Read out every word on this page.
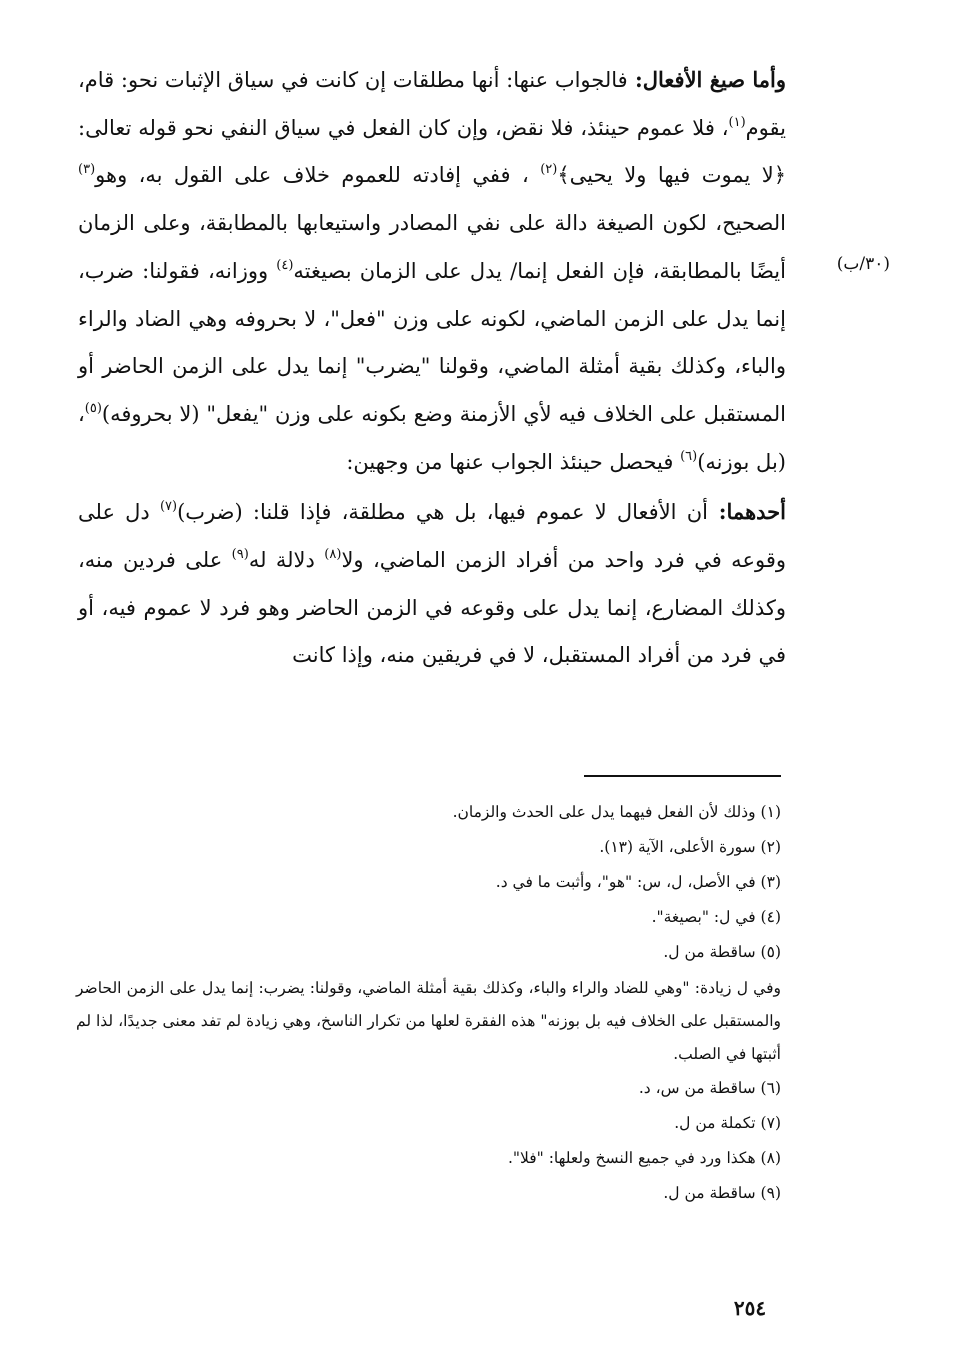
وأما صيغ الأفعال: فالجواب عنها: أنها مطلقات إن كانت في سياق الإثبات نحو: قام، يقوم$^{(١)}$، فلا عموم حينئذ، فلا نقض، وإن كان الفعل في سياق النفي نحو قوله تعالى: ﴿لا يموت فيها ولا يحيى﴾$^{(٢)}$ ، ففي إفادته للعموم خلاف على القول به، وهو$^{(٣)}$ الصحيح، لكون الصيغة دالة على نفي المصادر واستيعابها بالمطابقة، وعلى الزمان أيضًا بالمطابقة، فإن الفعل إنما/ يدل على الزمان بصيغته$^{(٤)}$ ووزانه، فقولنا: ضرب، إنما يدل على الزمن الماضي، لكونه على وزن "فعل"، لا بحروفه وهي الضاد والراء والباء، وكذلك بقية أمثلة الماضي، وقولنا "يضرب" إنما يدل على الزمن الحاضر أو المستقبل على الخلاف فيه لأي الأزمنة وضع بكونه على وزن "يفعل" (لا بحروفه)$^{(٥)}$، (بل بوزنه)$^{(٦)}$ فيحصل حينئذ الجواب عنها من وجهين:

أحدهما: أن الأفعال لا عموم فيها، بل هي مطلقة، فإذا قلنا: (ضرب)$^{(٧)}$ دل على وقوعه في فرد واحد من أفراد الزمن الماضي، ولا$^{(٨)}$ دلالة له$^{(٩)}$ على فردين منه، وكذلك المضارع، إنما يدل على وقوعه في الزمن الحاضر وهو فرد لا عموم فيه، أو في فرد من أفراد المستقبل، لا في فريقين منه، وإذا كانت

(٣٠/ب)
(١) وذلك لأن الفعل فيهما يدل على الحدث والزمان.
(٢) سورة الأعلى، الآية (١٣).
(٣) في الأصل، ل، س: "هو"، وأثبت ما في د.
(٤) في ل: "بصيغة".
(٥) ساقطة من ل.
وفي ل زيادة: "وهي للضاد والراء والباء، وكذلك بقية أمثلة الماضي، وقولنا: يضرب: إنما يدل على الزمن الحاضر والمستقبل على الخلاف فيه بل بوزنه" هذه الفقرة لعلها من تكرار الناسخ، وهي زيادة لم تفد معنى جديدًا، لذا لم أثبتها في الصلب.
(٦) ساقطة من س، د.
(٧) تكملة من ل.
(٨) هكذا ورد في جميع النسخ ولعلها: "فلا".
(٩) ساقطة من ل.
٢٥٤
